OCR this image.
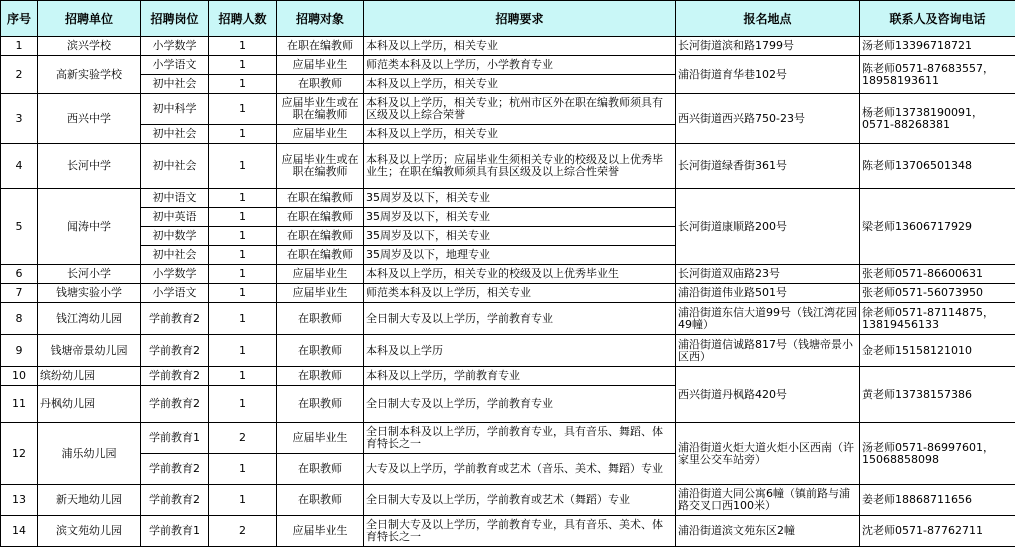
序号	招聘单位	招聘岗位	招聘人数	招聘对象	招聘要求	报名地点	联系人及咨询电话
1	滨兴学校	小学数学	1	在职在编教师	本科及以上学历，相关专业	长河街道滨和路1799号	汤老师13396718721
2	高新实验学校	小学语文	1	应届毕业生	师范类本科及以上学历，小学教育专业	浦沿街道育华巷102号	陈老师0571-87683557，18958193611
		初中社会	1	在职教师	本科及以上学历，相关专业		
3	西兴中学	初中科学	1	应届毕业生或在职在编教师	本科及以上学历，相关专业；杭州市区外在职在编教师须具有区级及以上综合荣誉	西兴街道西兴路750-23号	杨老师13738190091，0571-88268381
		初中社会	1	应届毕业生	本科及以上学历，相关专业		
4	长河中学	初中社会	1	应届毕业生或在职在编教师	本科及以上学历；应届毕业生须相关专业的校级及以上优秀毕业生；在职在编教师须具有县区级及以上综合性荣誉	长河街道绿香街361号	陈老师13706501348
5	闻涛中学	初中语文	1	在职在编教师	35周岁及以下，相关专业	长河街道康顺路200号	梁老师13606717929
		初中英语	1	在职在编教师	35周岁及以下，相关专业		
		初中数学	1	在职在编教师	35周岁及以下，相关专业		
		初中社会	1	在职在编教师	35周岁及以下，地理专业		
6	长河小学	小学数学	1	应届毕业生	本科及以上学历，相关专业的校级及以上优秀毕业生	长河街道双庙路23号	张老师0571-86600631
7	钱塘实验小学	小学语文	1	应届毕业生	师范类本科及以上学历，相关专业	浦沿街道伟业路501号	张老师0571-56073950
8	钱江湾幼儿园	学前教育2	1	在职教师	全日制大专及以上学历，学前教育专业	浦沿街道东信大道99号（钱江湾花园49幢）	徐老师0571-87114875，13819456133
9	钱塘帝景幼儿园	学前教育2	1	在职教师	本科及以上学历	浦沿街道信诚路817号（钱塘帝景小区西）	金老师15158121010
10	缤纷幼儿园	学前教育2	1	在职教师	本科及以上学历，学前教育专业	西兴街道丹枫路420号	黄老师13738157386
11	丹枫幼儿园	学前教育2	1	在职教师	全日制大专及以上学历，学前教育专业		
12	浦乐幼儿园	学前教育1	2	应届毕业生	全日制本科及以上学历，学前教育专业，具有音乐、舞蹈、体育特长之一	浦沿街道火炬大道火炬小区西南（许家里公交车站旁）	汤老师0571-86997601，15068858098
		学前教育2	1	在职教师	大专及以上学历，学前教育或艺术（音乐、美术、舞蹈）专业		
13	新天地幼儿园	学前教育2	1	在职教师	全日制大专及以上学历，学前教育或艺术（舞蹈）专业	浦沿街道大同公寓6幢（镇前路与浦路交叉口西100米）	姜老师18868711656
14	滨文苑幼儿园	学前教育1	2	应届毕业生	全日制大专及以上学历，学前教育专业，具有音乐、美术、体育特长之一	浦沿街道滨文苑东区2幢	沈老师0571-87762711
